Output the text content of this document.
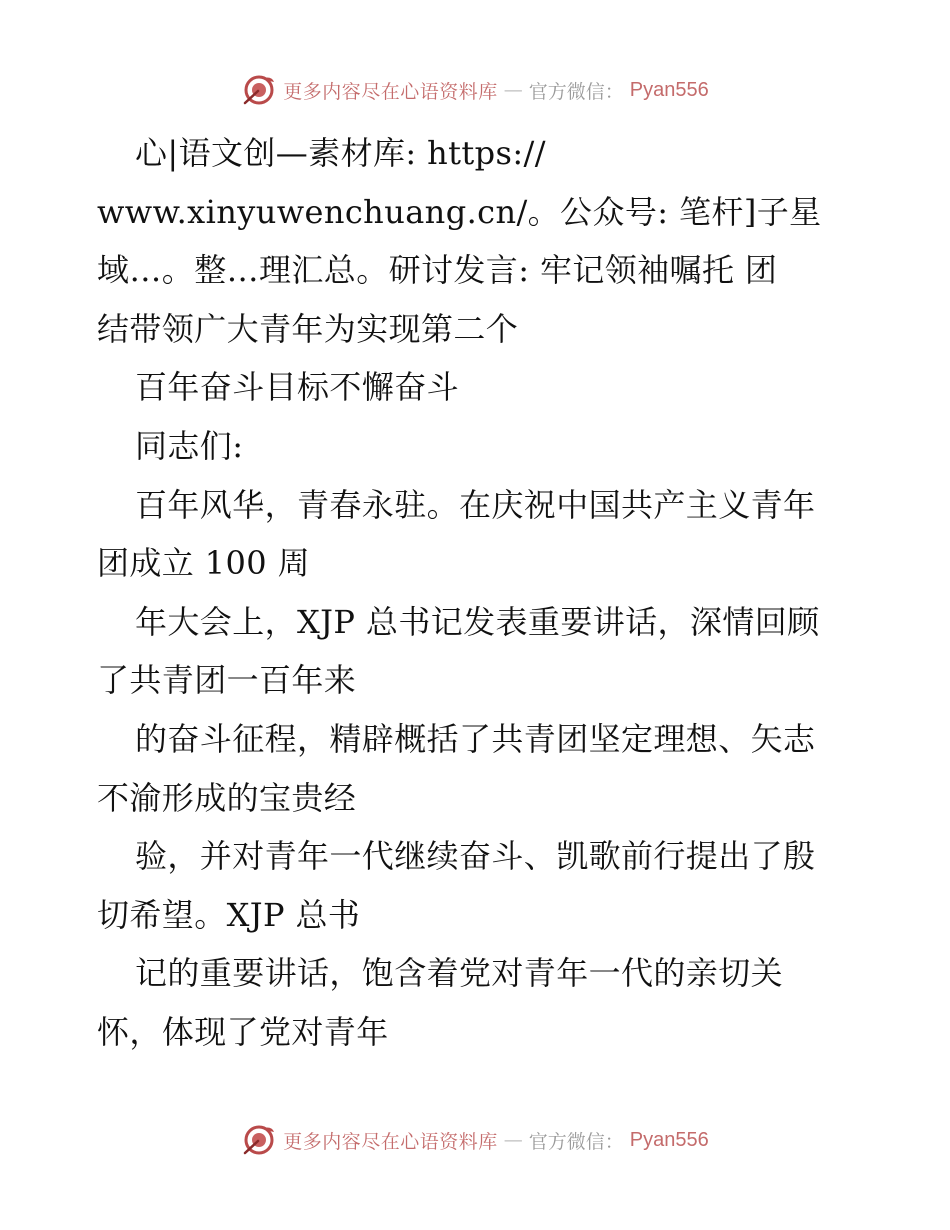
更多内容尽在心语资料库 — 官方微信： Pyan556
心|语文创—素材库: https://
www.xinyuwenchuang.cn/。公众号: 笔杆]子星
域…。整…理汇总。研讨发言: 牢记领袖嘱托 团
结带领广大青年为实现第二个
百年奋斗目标不懈奋斗
同志们:
百年风华，青春永驻。在庆祝中国共产主义青年
团成立 100 周
年大会上，XJP 总书记发表重要讲话，深情回顾
了共青团一百年来
的奋斗征程，精辟概括了共青团坚定理想、矢志
不渝形成的宝贵经
验，并对青年一代继续奋斗、凯歌前行提出了殷
切希望。XJP 总书
记的重要讲话，饱含着党对青年一代的亲切关
怀，体现了党对青年
更多内容尽在心语资料库 — 官方微信： Pyan556
